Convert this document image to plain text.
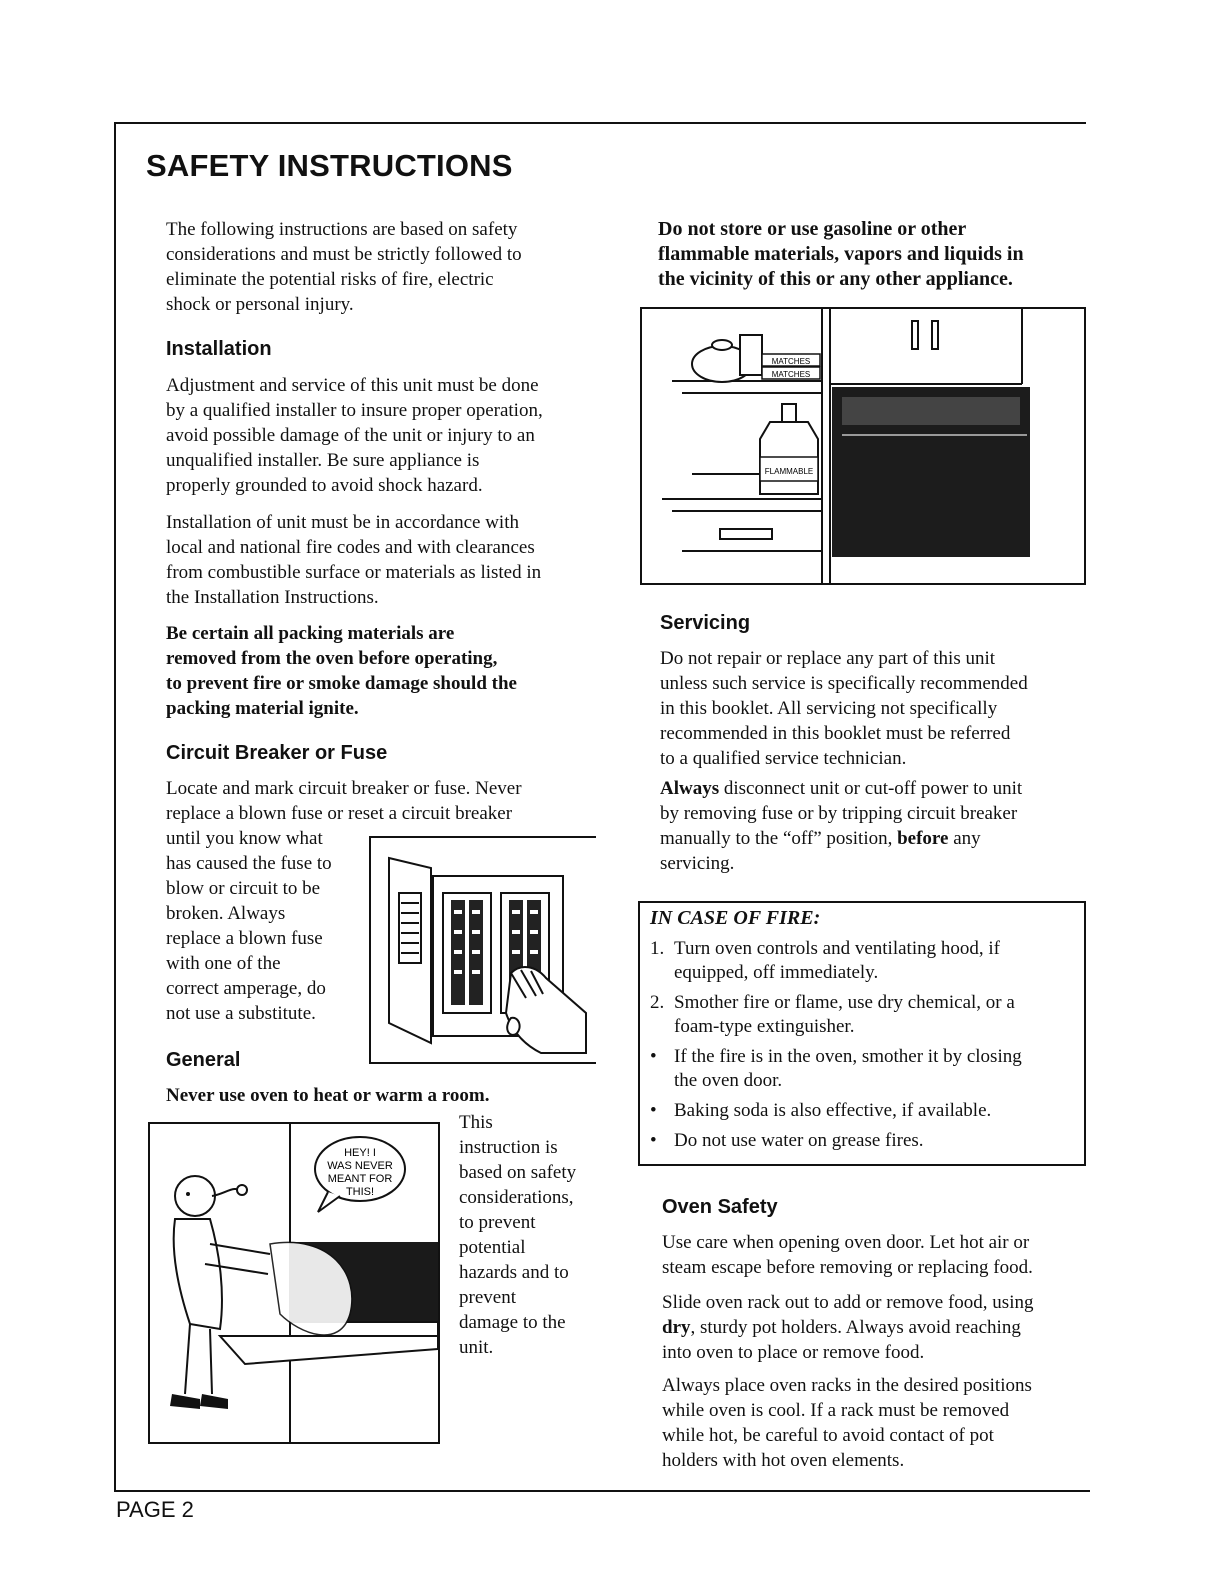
SAFETY INSTRUCTIONS

The following instructions are based on safety

considerations and must be strictly followed to

eliminate the potential risks of fire, electric

shock or personal injury.

Installation

Adjustment and service of this unit must be done

by a qualified installer to insure proper operation,

avoid possible damage of the unit or injury to an

unqualified installer. Be sure appliance is

properly grounded to avoid shock hazard.

Installation of unit must be in accordance with

local and national fire codes and with clearances

from combustible surface or materials as listed in

the Installation Instructions.

Be certain all packing materials are

removed from the oven before operating,

to prevent fire or smoke damage should the

packing material ignite.

Circuit Breaker or Fuse

Locate and mark circuit breaker or fuse. Never

replace a blown fuse or reset a circuit breaker

until you know what

has caused the fuse to

blow or circuit to be

broken. Always

replace a blown fuse

with one of the

correct amperage, do

not use a substitute.

General

Never use oven to heat or warm a room.

HEY! I
WAS NEVER
MEANT FOR
THIS!

This

instruction is

based on safety

considerations,

to prevent

potential

hazards and to

prevent

damage to the

unit.

Do not store or use gasoline or other

flammable materials, vapors and liquids in

the vicinity of this or any other appliance.

MATCHES
MATCHES
FLAMMABLE
Servicing

Do not repair or replace any part of this unit

unless such service is specifically recommended

in this booklet. All servicing not specifically

recommended in this booklet must be referred

to a qualified service technician.

Always disconnect unit or cut-off power to unit

by removing fuse or by tripping circuit breaker

manually to the “off” position, before any

servicing.

IN CASE OF FIRE:
1. Turn oven controls and ventilating hood, if
equipped, off immediately.
2. Smother fire or flame, use dry chemical, or a
foam-type extinguisher.
• If the fire is in the oven, smother it by closing
the oven door.
• Baking soda is also effective, if available.
• Do not use water on grease fires.
Oven Safety

Use care when opening oven door. Let hot air or

steam escape before removing or replacing food.

Slide oven rack out to add or remove food, using

dry, sturdy pot holders. Always avoid reaching

into oven to place or remove food.

Always place oven racks in the desired positions

while oven is cool. If a rack must be removed

while hot, be careful to avoid contact of pot

holders with hot oven elements.

PAGE 2
